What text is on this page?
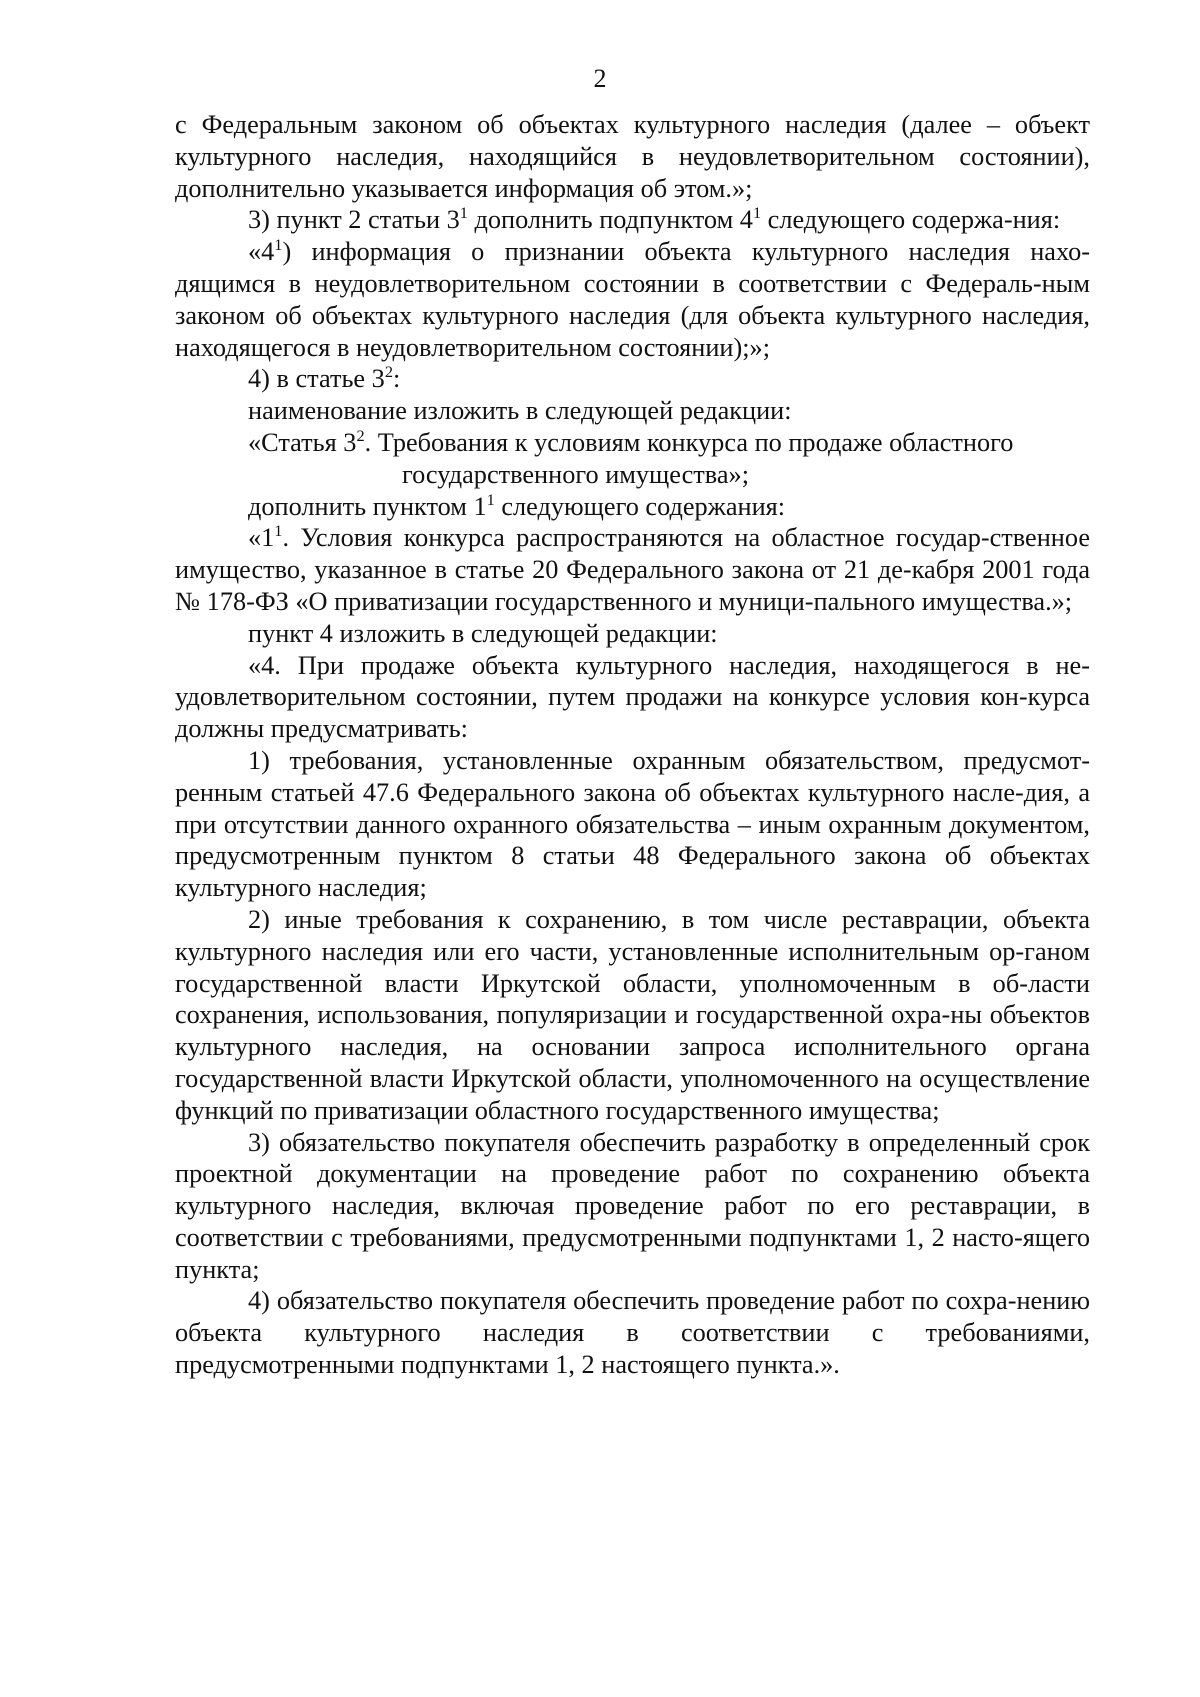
2

с Федеральным законом об объектах культурного наследия (далее – объект культурного наследия, находящийся в неудовлетворительном состоянии), дополнительно указывается информация об этом.»;

3) пункт 2 статьи $3^1$ дополнить подпунктом $4^1$ следующего содержа-ния:

«$4^1$) информация о признании объекта культурного наследия нахо-дящимся в неудовлетворительном состоянии в соответствии с Федераль-ным законом об объектах культурного наследия (для объекта культурного наследия, находящегося в неудовлетворительном состоянии);»;

4) в статье $3^2$:

наименование изложить в следующей редакции:

«Статья $3^2$. Требования к условиям конкурса по продаже областного
государственного имущества»;

дополнить пунктом $1^1$ следующего содержания:

«$1^1$. Условия конкурса распространяются на областное государ-ственное имущество, указанное в статье 20 Федерального закона от 21 де-кабря 2001 года № 178-ФЗ «О приватизации государственного и муници-пального имущества.»;

пункт 4 изложить в следующей редакции:

«4. При продаже объекта культурного наследия, находящегося в не-удовлетворительном состоянии, путем продажи на конкурсе условия кон-курса должны предусматривать:

1) требования, установленные охранным обязательством, предусмот-ренным статьей 47.6 Федерального закона об объектах культурного насле-дия, а при отсутствии данного охранного обязательства – иным охранным документом, предусмотренным пунктом 8 статьи 48 Федерального закона об объектах культурного наследия;

2) иные требования к сохранению, в том числе реставрации, объекта культурного наследия или его части, установленные исполнительным ор-ганом государственной власти Иркутской области, уполномоченным в об-ласти сохранения, использования, популяризации и государственной охра-ны объектов культурного наследия, на основании запроса исполнительного органа государственной власти Иркутской области, уполномоченного на осуществление функций по приватизации областного государственного имущества;

3) обязательство покупателя обеспечить разработку в определенный срок проектной документации на проведение работ по сохранению объекта культурного наследия, включая проведение работ по его реставрации, в соответствии с требованиями, предусмотренными подпунктами 1, 2 насто-ящего пункта;

4) обязательство покупателя обеспечить проведение работ по сохра-нению объекта культурного наследия в соответствии с требованиями, предусмотренными подпунктами 1, 2 настоящего пункта.».
